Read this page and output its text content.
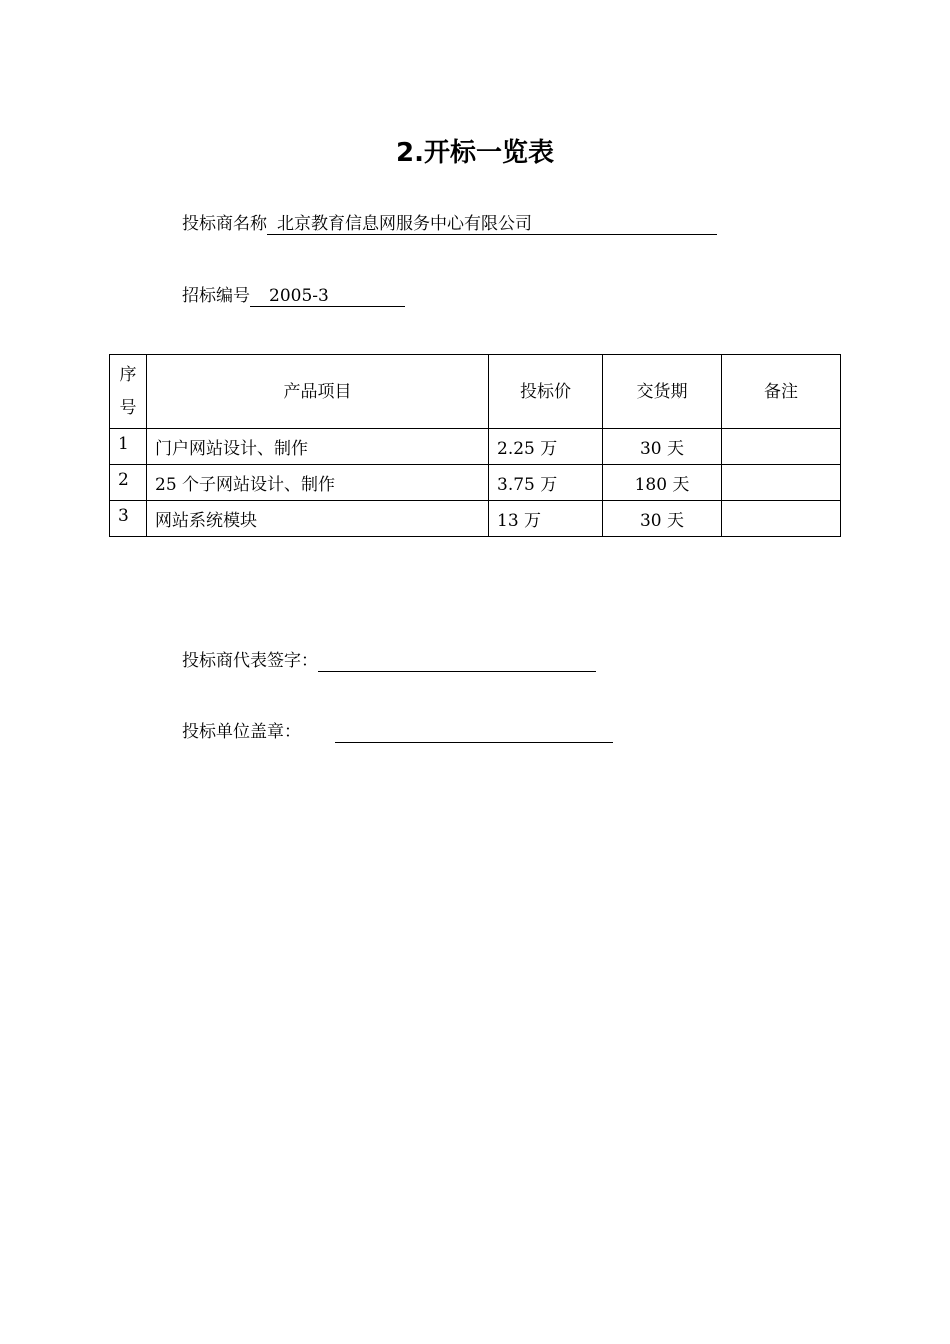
2.开标一览表
投标商名称 北京教育信息网服务中心有限公司
招标编号 2005-3
序
号	产品项目	投标价	交货期	备注

1	门户网站设计、制作	2.25 万	30 天	

2	25 个子网站设计、制作	3.75 万	180 天	

3	网站系统模块	13 万	30 天	

投标商代表签字：
投标单位盖章：
